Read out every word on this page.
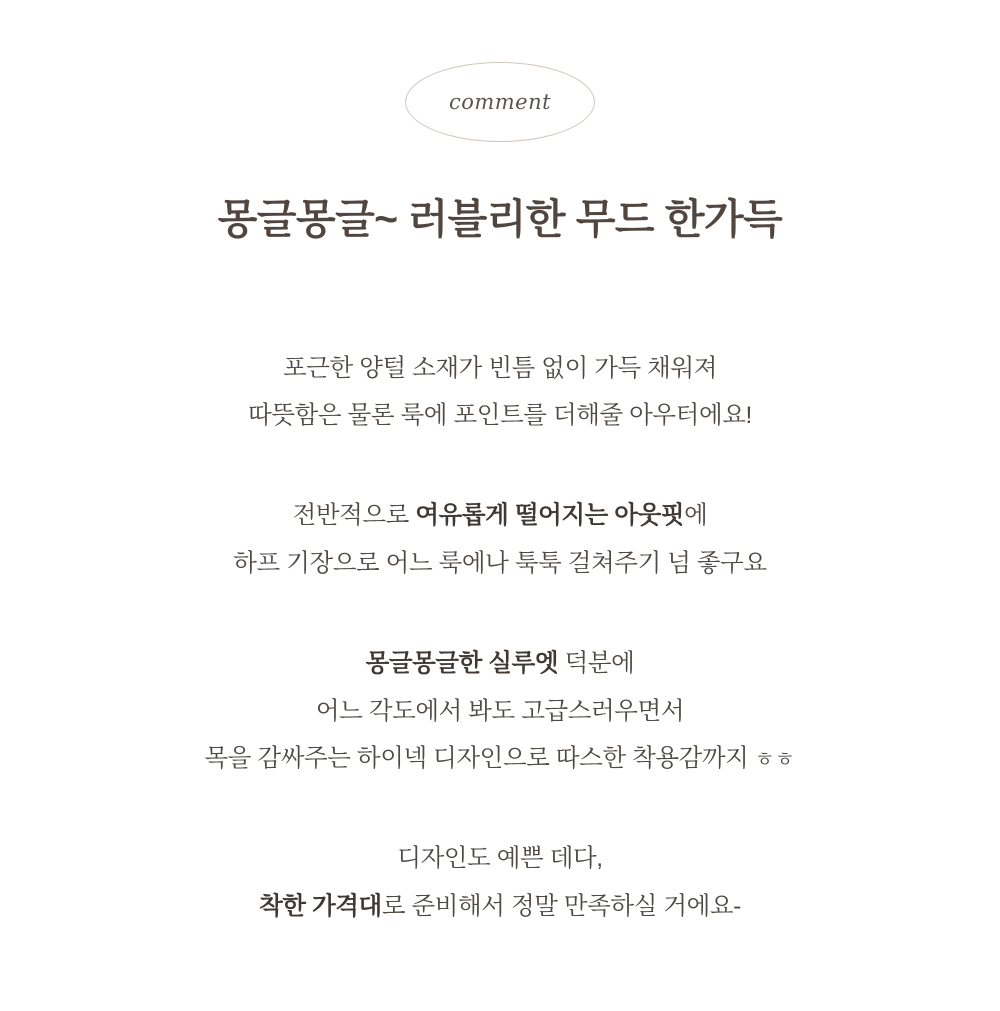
comment
몽글몽글~ 러블리한 무드 한가득
포근한 양털 소재가 빈틈 없이 가득 채워져
따뜻함은 물론 룩에 포인트를 더해줄 아우터에요!
전반적으로 여유롭게 떨어지는 아웃핏에
하프 기장으로 어느 룩에나 툭툭 걸쳐주기 넘 좋구요
몽글몽글한 실루엣 덕분에
어느 각도에서 봐도 고급스러우면서
목을 감싸주는 하이넥 디자인으로 따스한 착용감까지 ㅎㅎ
디자인도 예쁜 데다,
착한 가격대로 준비해서 정말 만족하실 거에요-
